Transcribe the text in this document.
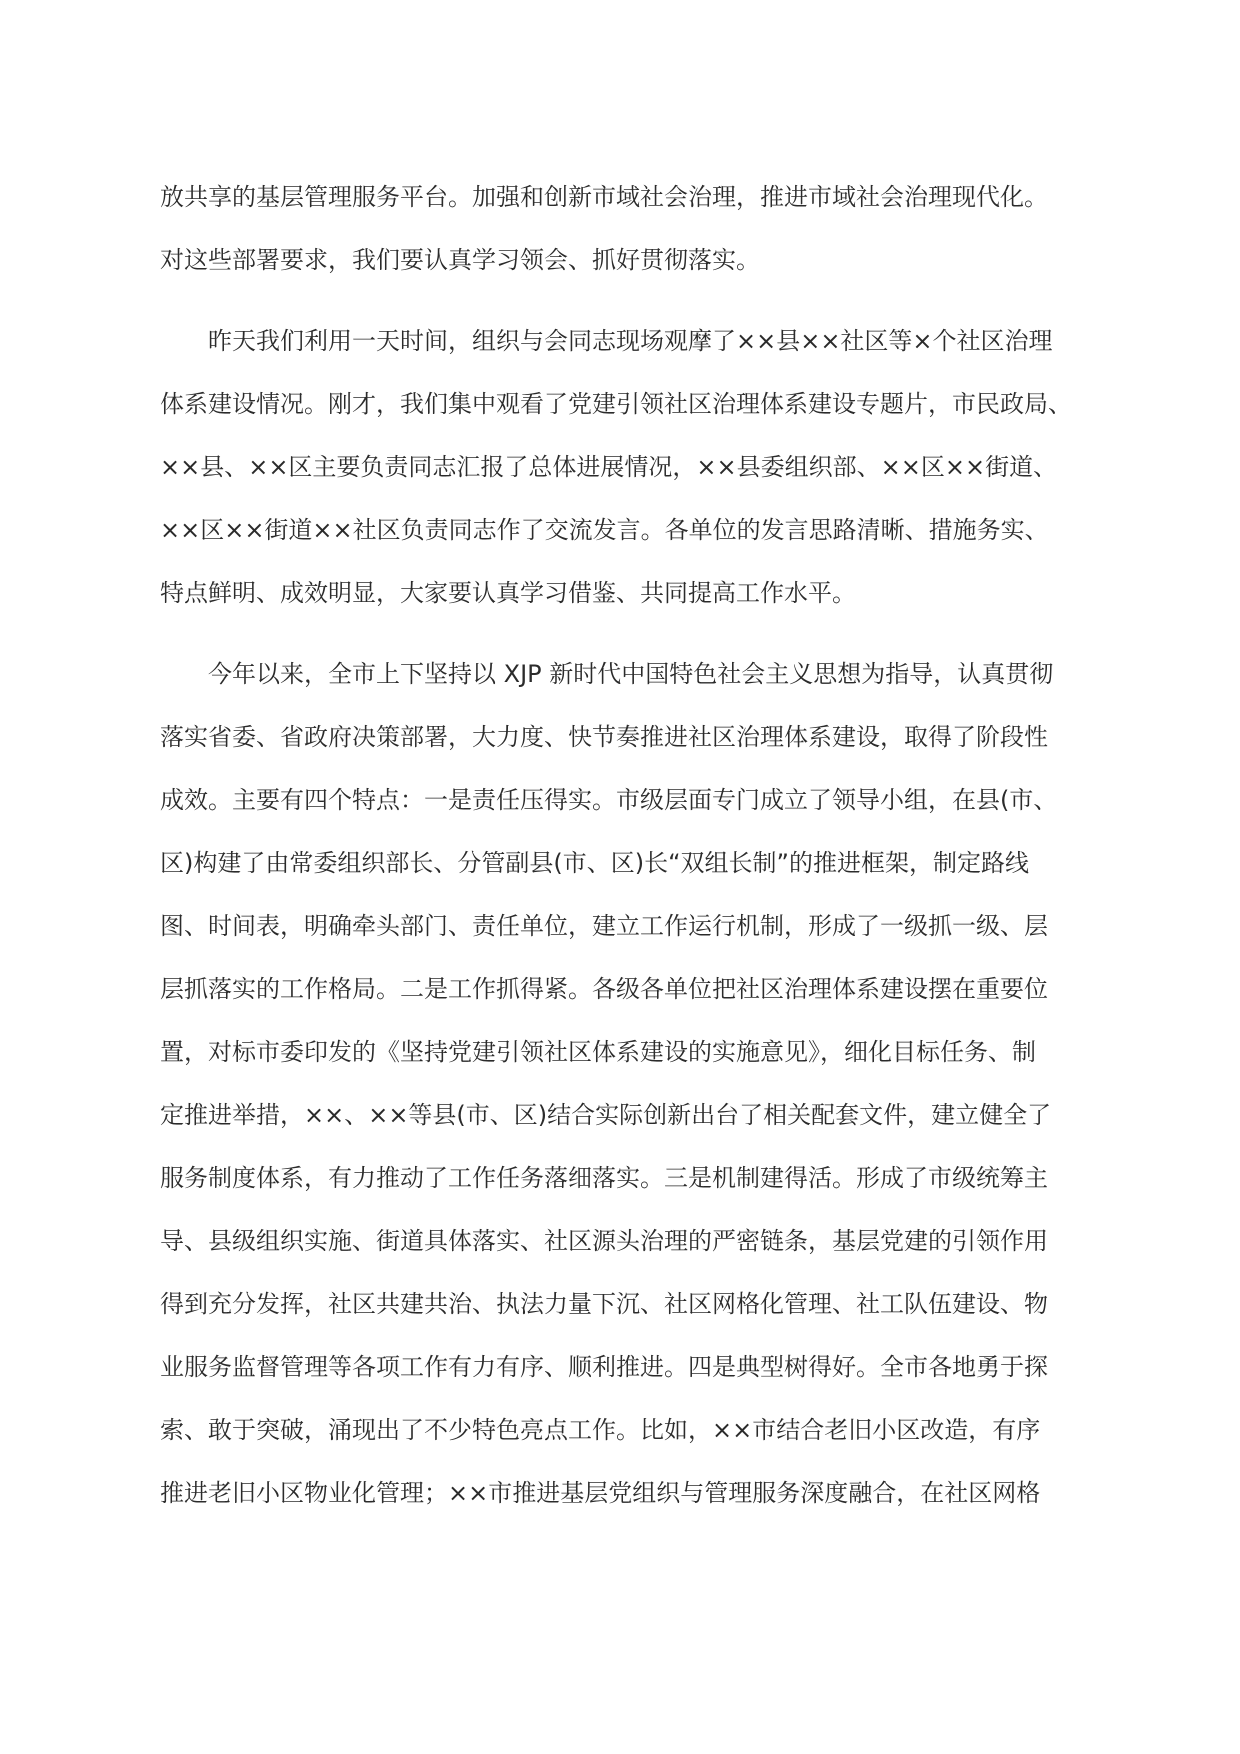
放共享的基层管理服务平台。加强和创新市域社会治理，推进市域社会治理现代化。
对这些部署要求，我们要认真学习领会、抓好贯彻落实。
昨天我们利用一天时间，组织与会同志现场观摩了××县××社区等×个社区治理
体系建设情况。刚才，我们集中观看了党建引领社区治理体系建设专题片，市民政局、
××县、××区主要负责同志汇报了总体进展情况，××县委组织部、××区××街道、
××区××街道××社区负责同志作了交流发言。各单位的发言思路清晰、措施务实、
特点鲜明、成效明显，大家要认真学习借鉴、共同提高工作水平。
今年以来，全市上下坚持以 XJP 新时代中国特色社会主义思想为指导，认真贯彻
落实省委、省政府决策部署，大力度、快节奏推进社区治理体系建设，取得了阶段性
成效。主要有四个特点：一是责任压得实。市级层面专门成立了领导小组，在县(市、
区)构建了由常委组织部长、分管副县(市、区)长“双组长制”的推进框架，制定路线
图、时间表，明确牵头部门、责任单位，建立工作运行机制，形成了一级抓一级、层
层抓落实的工作格局。二是工作抓得紧。各级各单位把社区治理体系建设摆在重要位
置，对标市委印发的《坚持党建引领社区体系建设的实施意见》，细化目标任务、制
定推进举措，××、××等县(市、区)结合实际创新出台了相关配套文件，建立健全了
服务制度体系，有力推动了工作任务落细落实。三是机制建得活。形成了市级统筹主
导、县级组织实施、街道具体落实、社区源头治理的严密链条，基层党建的引领作用
得到充分发挥，社区共建共治、执法力量下沉、社区网格化管理、社工队伍建设、物
业服务监督管理等各项工作有力有序、顺利推进。四是典型树得好。全市各地勇于探
索、敢于突破，涌现出了不少特色亮点工作。比如，××市结合老旧小区改造，有序
推进老旧小区物业化管理；××市推进基层党组织与管理服务深度融合，在社区网格
